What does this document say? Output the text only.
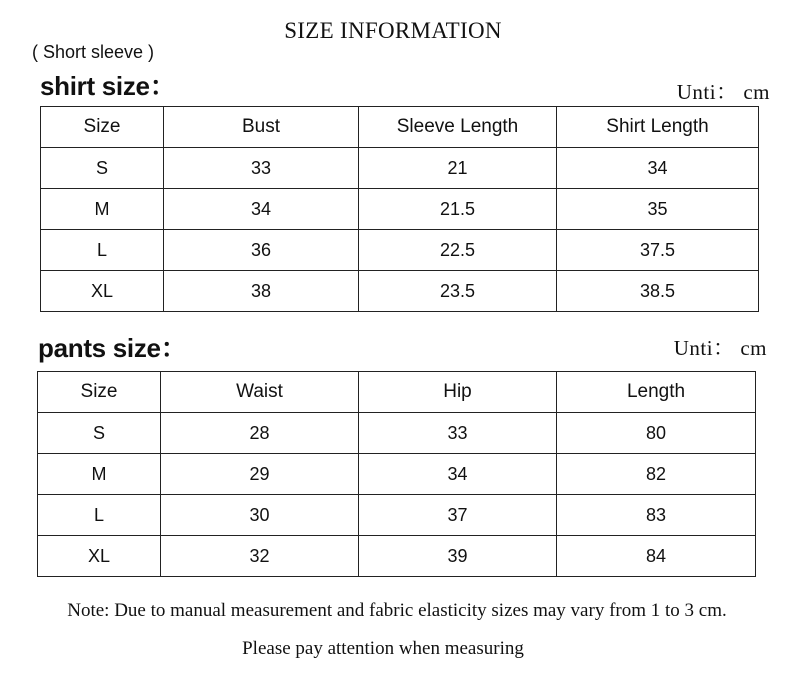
SIZE INFORMATION
( Short sleeve )
shirt size：	Unti： cm
Size	Bust	Sleeve Length	Shirt Length
S	33	21	34
M	34	21.5	35
L	36	22.5	37.5
XL	38	23.5	38.5
pants size：	Unti： cm
Size	Waist	Hip	Length
S	28	33	80
M	29	34	82
L	30	37	83
XL	32	39	84
Note: Due to manual measurement and fabric elasticity sizes may vary from 1 to 3 cm.
Please pay attention when measuring
